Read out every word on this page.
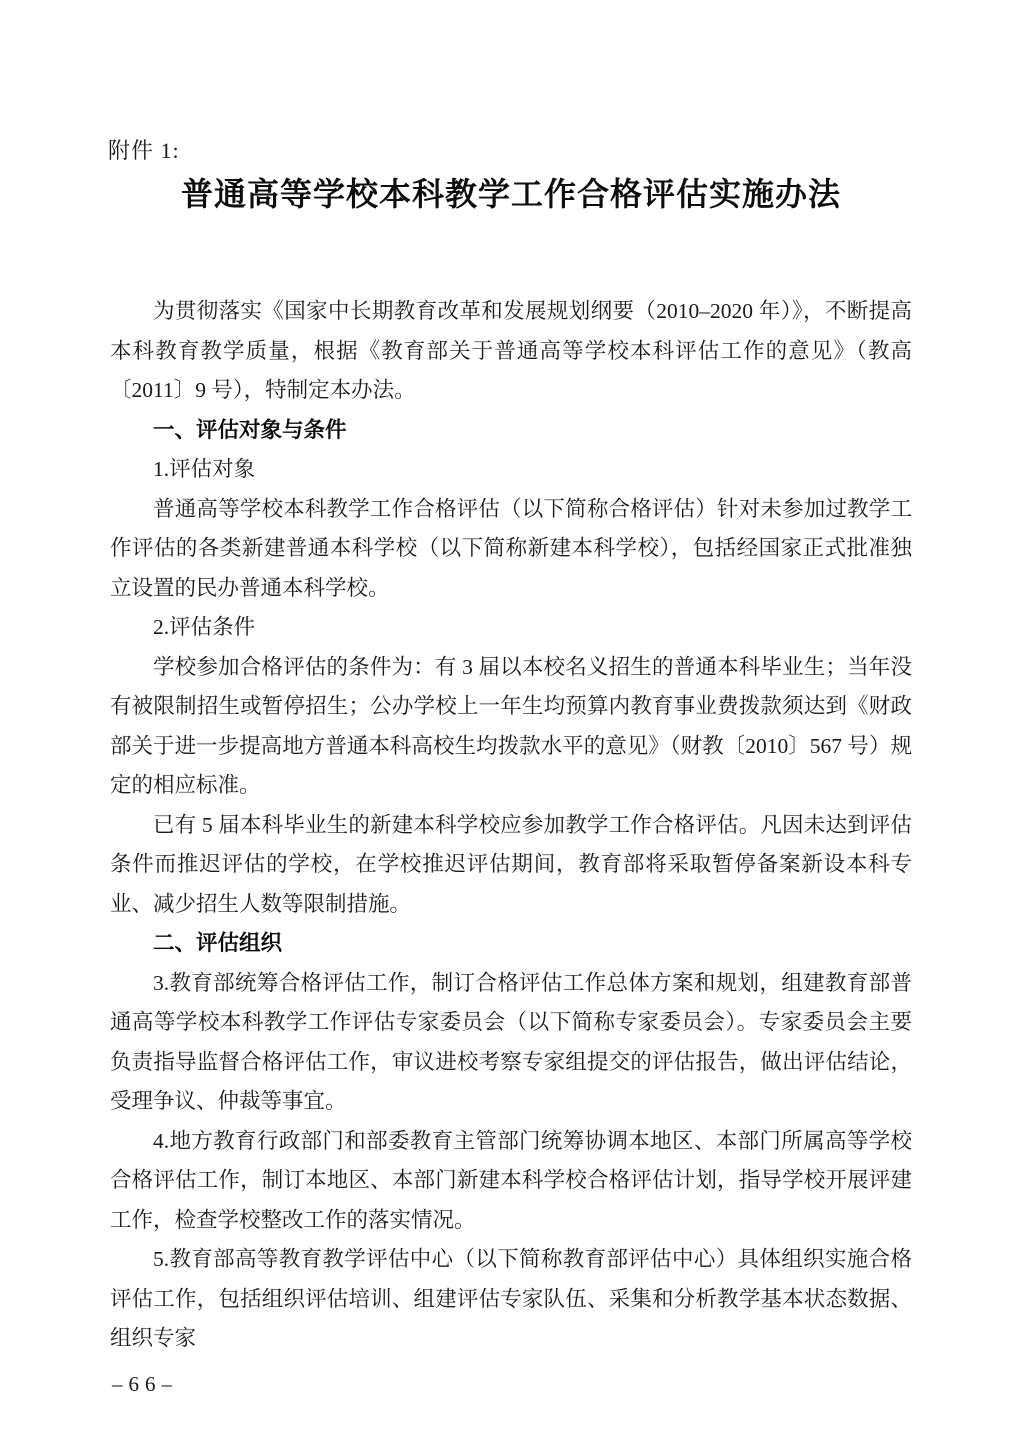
附件 1:
普通高等学校本科教学工作合格评估实施办法

为贯彻落实《国家中长期教育改革和发展规划纲要（2010–2020 年）》，不断提高本科教育教学质量，根据《教育部关于普通高等学校本科评估工作的意见》（教高〔2011〕9 号），特制定本办法。

一、评估对象与条件

1.评估对象

普通高等学校本科教学工作合格评估（以下简称合格评估）针对未参加过教学工作评估的各类新建普通本科学校（以下简称新建本科学校），包括经国家正式批准独立设置的民办普通本科学校。

2.评估条件

学校参加合格评估的条件为：有 3 届以本校名义招生的普通本科毕业生；当年没有被限制招生或暂停招生；公办学校上一年生均预算内教育事业费拨款须达到《财政部关于进一步提高地方普通本科高校生均拨款水平的意见》（财教〔2010〕567 号）规定的相应标准。

已有 5 届本科毕业生的新建本科学校应参加教学工作合格评估。凡因未达到评估条件而推迟评估的学校，在学校推迟评估期间，教育部将采取暂停备案新设本科专业、减少招生人数等限制措施。

二、评估组织

3.教育部统筹合格评估工作，制订合格评估工作总体方案和规划，组建教育部普通高等学校本科教学工作评估专家委员会（以下简称专家委员会）。专家委员会主要负责指导监督合格评估工作，审议进校考察专家组提交的评估报告，做出评估结论，受理争议、仲裁等事宜。

4.地方教育行政部门和部委教育主管部门统筹协调本地区、本部门所属高等学校合格评估工作，制订本地区、本部门新建本科学校合格评估计划，指导学校开展评建工作，检查学校整改工作的落实情况。

5.教育部高等教育教学评估中心（以下简称教育部评估中心）具体组织实施合格评估工作，包括组织评估培训、组建评估专家队伍、采集和分析教学基本状态数据、组织专家

–66–
